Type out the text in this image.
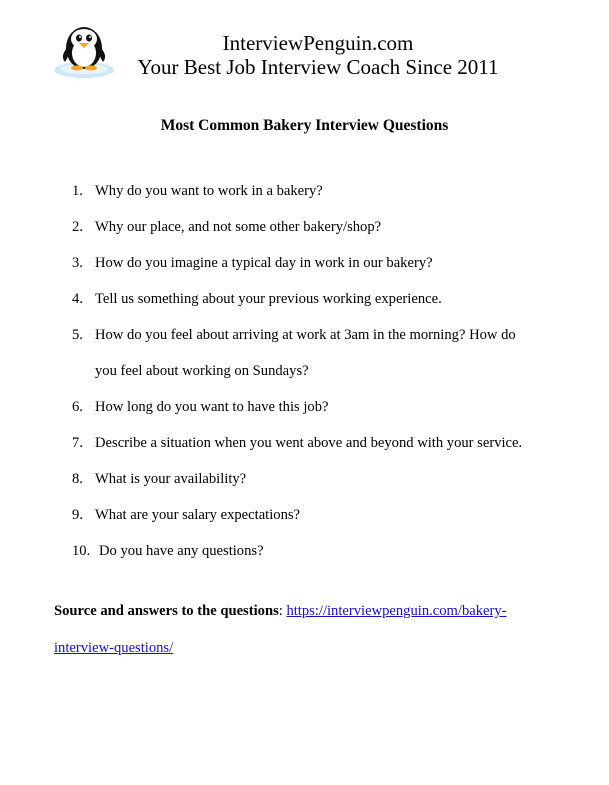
InterviewPenguin.com
Your Best Job Interview Coach Since 2011
Most Common Bakery Interview Questions
1. Why do you want to work in a bakery?
2. Why our place, and not some other bakery/shop?
3. How do you imagine a typical day in work in our bakery?
4. Tell us something about your previous working experience.
5. How do you feel about arriving at work at 3am in the morning? How do
you feel about working on Sundays?
6. How long do you want to have this job?
7. Describe a situation when you went above and beyond with your service.
8. What is your availability?
9. What are your salary expectations?
10. Do you have any questions?
Source and answers to the questions: https://interviewpenguin.com/bakery-
interview-questions/
